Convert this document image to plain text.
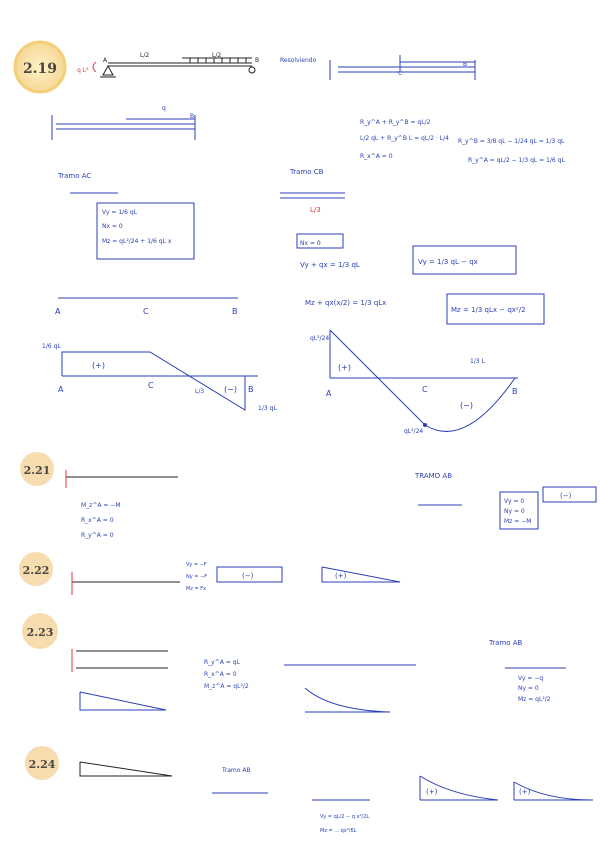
2.19
2.21
2.22
2.23
2.24
A	B
L/2	L/2
q L²
Resolviendo
C
B
q
B
R_y^A + R_y^B = qL/2
L/2 qL + R_y^B L = qL/2 · L/4
R_x^A = 0
R_y^B = 3/8 qL − 1/24 qL = 1/3 qL
R_y^A = qL/2 − 1/3 qL = 1/6 qL
Tramo AC
Vy = 1/6 qL
Nx = 0
Mz = qL²/24 + 1/6 qL x
Tramo CB
L/3
Nx = 0
Vy + qx = 1/3 qL	Vy = 1/3 qL − qx
Mz + qx(x/2) = 1/3 qLx
Mz = 1/3 qLx − qx²/2
A	C	B
1/6 qL
(+)
(−)
L/3
1/3 qL
A	C	B
qL²/24
(+)
(−)
1/3 L
qL²/24
A	C	B
M_z^A = −M
R_x^A = 0
R_y^A = 0
TRAMO AB
Vy = 0
Ny = 0
Mz = −M
(−)
Vy = −F
Ny = −F
Mz = Fx
(−)	(+)
R_y^A = qL
R_x^A = 0
M_z^A = qL²/2
Tramo AB
Vy = −q
Ny = 0
Mz = qL²/2
Tramo AB
Vy = qL/2 − q x²/2L
Mz = ... qx³/6L
(+)	(+)
